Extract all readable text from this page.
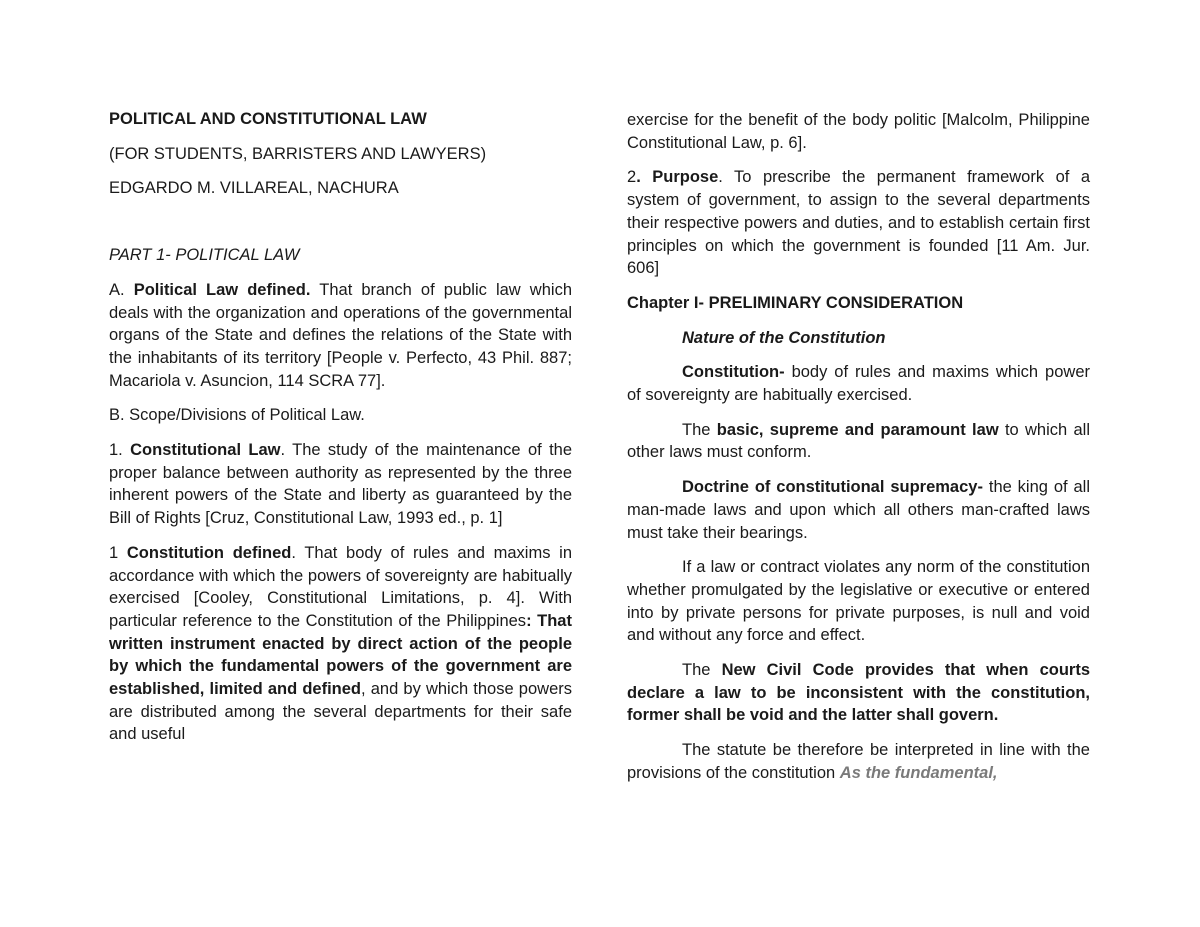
POLITICAL AND CONSTITUTIONAL LAW

(FOR STUDENTS, BARRISTERS AND LAWYERS)

EDGARDO M. VILLAREAL, NACHURA

PART 1- POLITICAL LAW

A. Political Law defined. That branch of public law which deals with the organization and operations of the governmental organs of the State and defines the relations of the State with the inhabitants of its territory [People v. Perfecto, 43 Phil. 887; Macariola v. Asuncion, 114 SCRA 77].

B. Scope/Divisions of Political Law.

1. Constitutional Law. The study of the maintenance of the proper balance between authority as represented by the three inherent powers of the State and liberty as guaranteed by the Bill of Rights [Cruz, Constitutional Law, 1993 ed., p. 1]

1 Constitution defined. That body of rules and maxims in accordance with which the powers of sovereignty are habitually exercised [Cooley, Constitutional Limitations, p. 4]. With particular reference to the Constitution of the Philippines: That written instrument enacted by direct action of the people by which the fundamental powers of the government are established, limited and defined, and by which those powers are distributed among the several departments for their safe and useful

exercise for the benefit of the body politic [Malcolm, Philippine Constitutional Law, p. 6].

2. Purpose. To prescribe the permanent framework of a system of government, to assign to the several departments their respective powers and duties, and to establish certain first principles on which the government is founded [11 Am. Jur. 606]

Chapter I- PRELIMINARY CONSIDERATION

Nature of the Constitution

Constitution- body of rules and maxims which power of sovereignty are habitually exercised.

The basic, supreme and paramount law to which all other laws must conform.

Doctrine of constitutional supremacy- the king of all man-made laws and upon which all others man-crafted laws must take their bearings.

If a law or contract violates any norm of the constitution whether promulgated by the legislative or executive or entered into by private persons for private purposes, is null and void and without any force and effect.

The New Civil Code provides that when courts declare a law to be inconsistent with the constitution, former shall be void and the latter shall govern.

The statute be therefore be interpreted in line with the provisions of the constitution As the fundamental,
